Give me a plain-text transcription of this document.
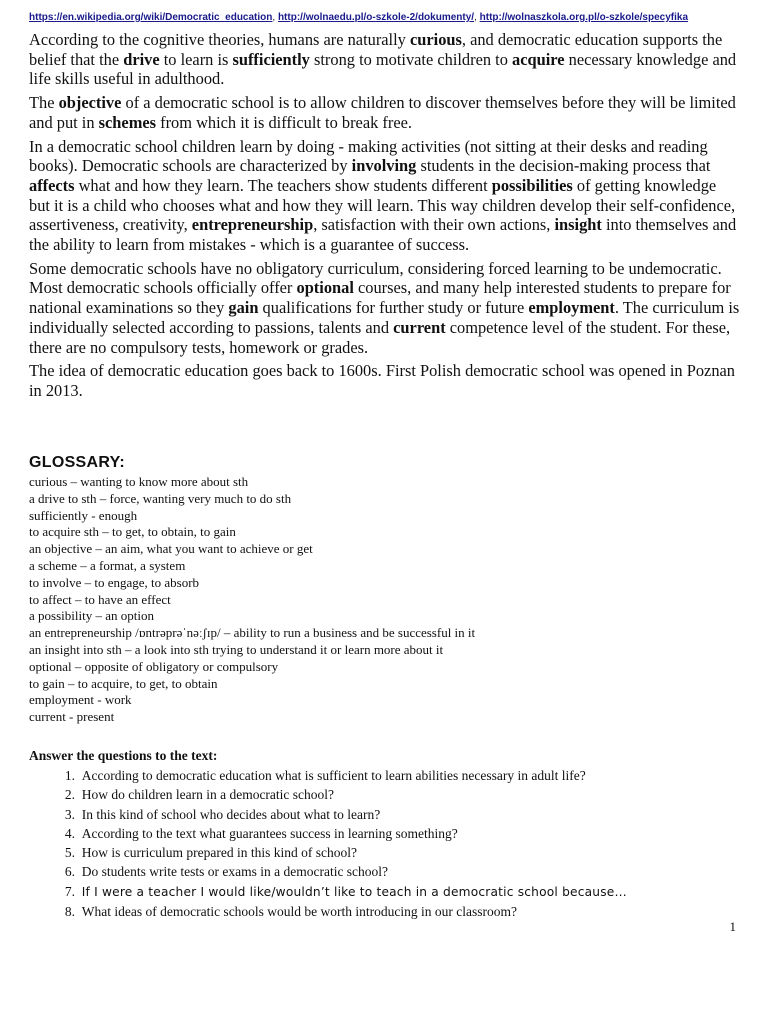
https://en.wikipedia.org/wiki/Democratic_education, http://wolnaedu.pl/o-szkole-2/dokumenty/, http://wolnaszkola.org.pl/o-szkole/specyfika

According to the cognitive theories, humans are naturally curious, and democratic education supports the belief that the drive to learn is sufficiently strong to motivate children to acquire necessary knowledge and life skills useful in adulthood.

The objective of a democratic school is to allow children to discover themselves before they will be limited and put in schemes from which it is difficult to break free.

In a democratic school children learn by doing - making activities (not sitting at their desks and reading books). Democratic schools are characterized by involving students in the decision-making process that affects what and how they learn. The teachers show students different possibilities of getting knowledge but it is a child who chooses what and how they will learn. This way children develop their self-confidence, assertiveness, creativity, entrepreneurship, satisfaction with their own actions, insight into themselves and the ability to learn from mistakes - which is a guarantee of success.

Some democratic schools have no obligatory curriculum, considering forced learning to be undemocratic. Most democratic schools officially offer optional courses, and many help interested students to prepare for national examinations so they gain qualifications for further study or future employment. The curriculum is individually selected according to passions, talents and current competence level of the student. For these, there are no compulsory tests, homework or grades.

The idea of democratic education goes back to 1600s. First Polish democratic school was opened in Poznan in 2013.

GLOSSARY:
curious – wanting to know more about sth
a drive to sth – force, wanting very much to do sth
sufficiently - enough
to acquire sth – to get, to obtain, to gain
an objective – an aim, what you want to achieve or get
a scheme – a format, a system
to involve – to engage, to absorb
to affect – to have an effect
a possibility – an option
an entrepreneurship /ɒntrəprəˈnəːʃɪp/ – ability to run a business and be successful in it
an insight into sth – a look into sth trying to understand it or learn more about it
optional – opposite of obligatory or compulsory
to gain – to acquire, to get, to obtain
employment - work
current - present
Answer the questions to the text:
1. According to democratic education what is sufficient to learn abilities necessary in adult life?
2. How do children learn in a democratic school?
3. In this kind of school who decides about what to learn?
4. According to the text what guarantees success in learning something?
5. How is curriculum prepared in this kind of school?
6. Do students write tests or exams in a democratic school?
7. If I were a teacher I would like/wouldn’t like to teach in a democratic school because…
8. What ideas of democratic schools would be worth introducing in our classroom?
1
